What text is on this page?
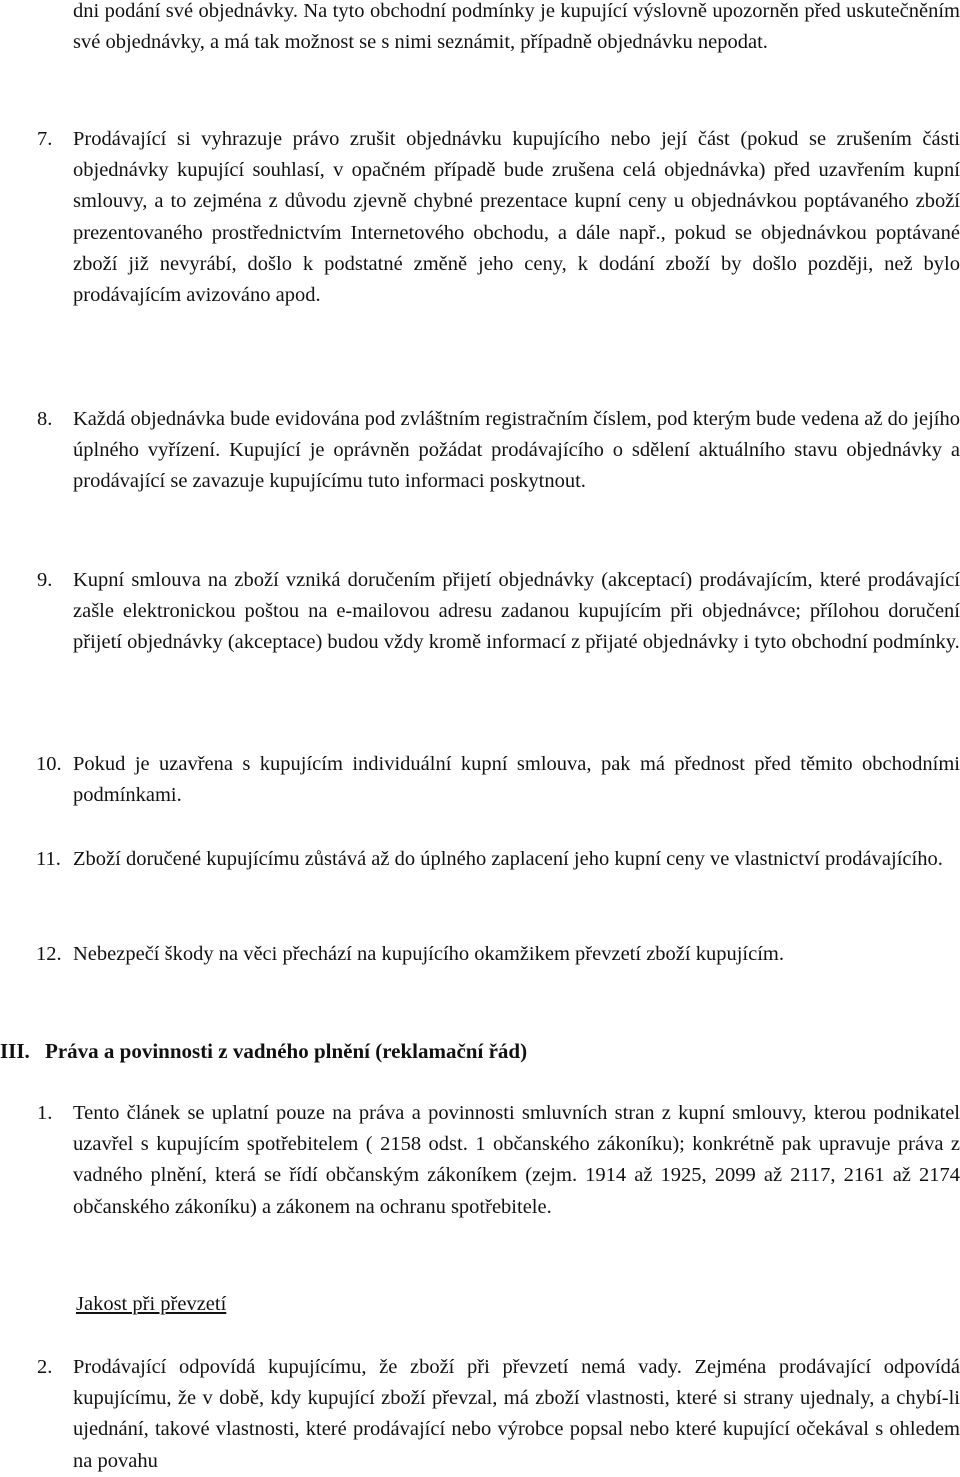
dni podání své objednávky. Na tyto obchodní podmínky je kupující výslovně upozorněn před uskutečněním své objednávky, a má tak možnost se s nimi seznámit, případně objednávku nepodat.
7.	Prodávající si vyhrazuje právo zrušit objednávku kupujícího nebo její část (pokud se zrušením části objednávky kupující souhlasí, v opačném případě bude zrušena celá objednávka) před uzavřením kupní smlouvy, a to zejména z důvodu zjevně chybné prezentace kupní ceny u objednávkou poptávaného zboží prezentovaného prostřednictvím Internetového obchodu, a dále např., pokud se objednávkou poptávané zboží již nevyrábí, došlo k podstatné změně jeho ceny, k dodání zboží by došlo později, než bylo prodávajícím avizováno apod.
8.	Každá objednávka bude evidována pod zvláštním registračním číslem, pod kterým bude vedena až do jejího úplného vyřízení. Kupující je oprávněn požádat prodávajícího o sdělení aktuálního stavu objednávky a prodávající se zavazuje kupujícímu tuto informaci poskytnout.
9.	Kupní smlouva na zboží vzniká doručením přijetí objednávky (akceptací) prodávajícím, které prodávající zašle elektronickou poštou na e-mailovou adresu zadanou kupujícím při objednávce; přílohou doručení přijetí objednávky (akceptace) budou vždy kromě informací z přijaté objednávky i tyto obchodní podmínky.
10. Pokud je uzavřena s kupujícím individuální kupní smlouva, pak má přednost před těmito obchodními podmínkami.
11. Zboží doručené kupujícímu zůstává až do úplného zaplacení jeho kupní ceny ve vlastnictví prodávajícího.
12. Nebezpečí škody na věci přechází na kupujícího okamžikem převzetí zboží kupujícím.
III. Práva a povinnosti z vadného plnění (reklamační řád)
1.	Tento článek se uplatní pouze na práva a povinnosti smluvních stran z kupní smlouvy, kterou podnikatel uzavřel s kupujícím spotřebitelem ( 2158 odst. 1 občanského zákoníku); konkrétně pak upravuje práva z vadného plnění, která se řídí občanským zákoníkem (zejm. 1914 až 1925, 2099 až 2117, 2161 až 2174 občanského zákoníku) a zákonem na ochranu spotřebitele.
Jakost při převzetí
2.	Prodávající odpovídá kupujícímu, že zboží při převzetí nemá vady. Zejména prodávající odpovídá kupujícímu, že v době, kdy kupující zboží převzal, má zboží vlastnosti, které si strany ujednaly, a chybí-li ujednání, takové vlastnosti, které prodávající nebo výrobce popsal nebo které kupující očekával s ohledem na povahu
